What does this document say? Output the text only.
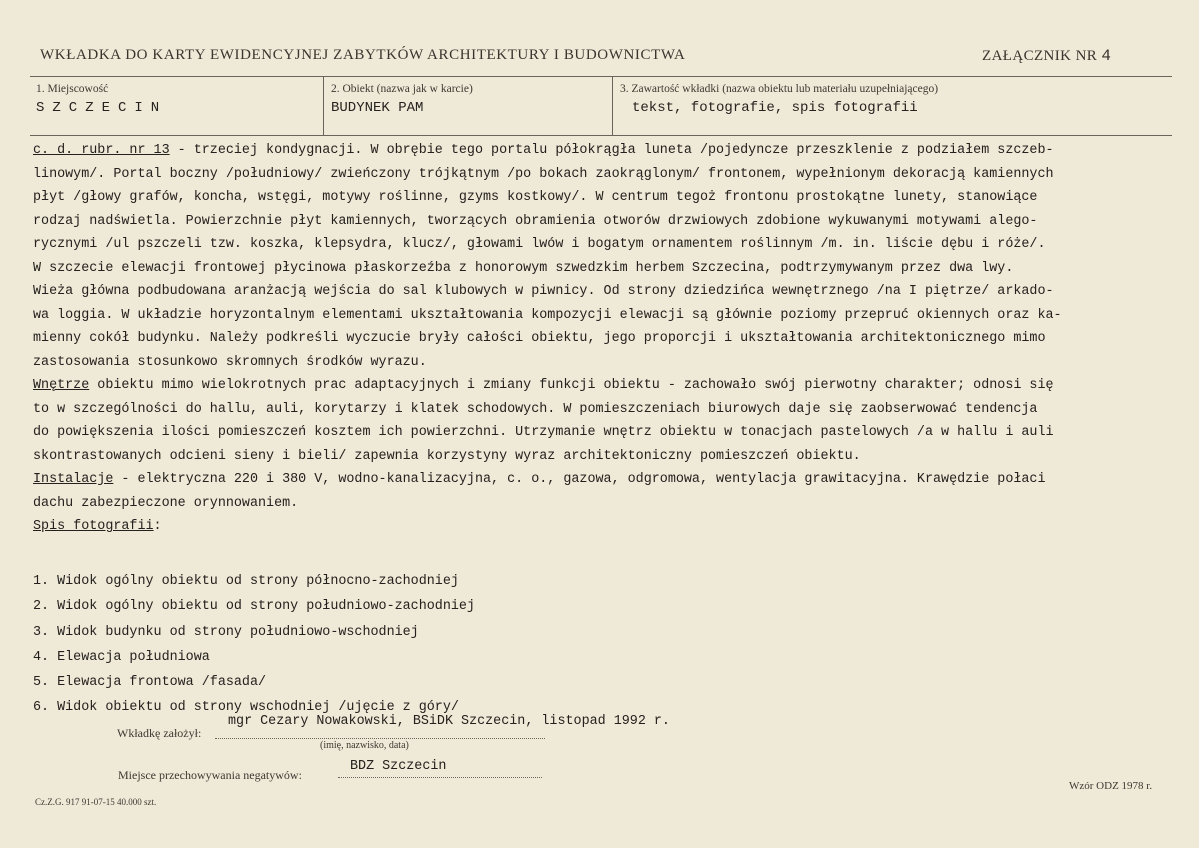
WKŁADKA DO KARTY EWIDENCYJNEJ ZABYTKÓW ARCHITEKTURY I BUDOWNICTWA	ZAŁĄCZNIK NR 4
1. Miejscowość
SZCZECIN
2. Obiekt (nazwa jak w karcie)
BUDYNEK PAM
3. Zawartość wkładki (nazwa obiektu lub materiału uzupełniającego)
tekst, fotografie, spis fotografii
c. d. rubr. nr 13 - trzeciej kondygnacji. W obrębie tego portalu półokrągła luneta /pojedyncze przeszklenie z podziałem szczeb-
linowym/. Portal boczny /południowy/ zwieńczony trójkątnym /po bokach zaokrąglonym/ frontonem, wypełnionym dekoracją kamiennych
płyt /głowy grafów, koncha, wstęgi, motywy roślinne, gzyms kostkowy/. W centrum tegoż frontonu prostokątne lunety, stanowiące
rodzaj nadświetla. Powierzchnie płyt kamiennych, tworzących obramienia otworów drzwiowych zdobione wykuwanymi motywami alego-
rycznymi /ul pszczeli tzw. koszka, klepsydra, klucz/, głowami lwów i bogatym ornamentem roślinnym /m. in. liście dębu i róże/.
W szczecie elewacji frontowej płycinowa płaskorzeźba z honorowym szwedzkim herbem Szczecina, podtrzymywanym przez dwa lwy.
Wieża główna podbudowana aranżacją wejścia do sal klubowych w piwnicy. Od strony dziedzińca wewnętrznego /na I piętrze/ arkado-
wa loggia. W układzie horyzontalnym elementami ukształtowania kompozycji elewacji są głównie poziomy przepruć okiennych oraz ka-
mienny cokół budynku. Należy podkreśli wyczucie bryły całości obiektu, jego proporcji i ukształtowania architektonicznego mimo
zastosowania stosunkowo skromnych środków wyrazu.
Wnętrze obiektu mimo wielokrotnych prac adaptacyjnych i zmiany funkcji obiektu - zachowało swój pierwotny charakter; odnosi się
to w szczególności do hallu, auli, korytarzy i klatek schodowych. W pomieszczeniach biurowych daje się zaobserwować tendencja
do powiększenia ilości pomieszczeń kosztem ich powierzchni. Utrzymanie wnętrz obiektu w tonacjach pastelowych /a w hallu i auli
skontrastowanych odcieni sieny i bieli/ zapewnia korzystyny wyraz architektoniczny pomieszczeń obiektu.
Instalacje - elektryczna 220 i 380 V, wodno-kanalizacyjna, c. o., gazowa, odgromowa, wentylacja grawitacyjna. Krawędzie połaci
dachu zabezpieczone orynnowaniem.
Spis fotografii:
1. Widok ogólny obiektu od strony północno-zachodniej
2. Widok ogólny obiektu od strony południowo-zachodniej
3. Widok budynku od strony południowo-wschodniej
4. Elewacja południowa
5. Elewacja frontowa /fasada/
6. Widok obiektu od strony wschodniej /ujęcie z góry/
Wkładkę założył:
mgr Cezary Nowakowski, BSiDK Szczecin, listopad 1992 r.
(imię, nazwisko, data)
Miejsce przechowywania negatywów:
BDZ Szczecin
Wzór ODZ 1978 r.
Cz.Z.G. 917 91-07-15 40.000 szt.
